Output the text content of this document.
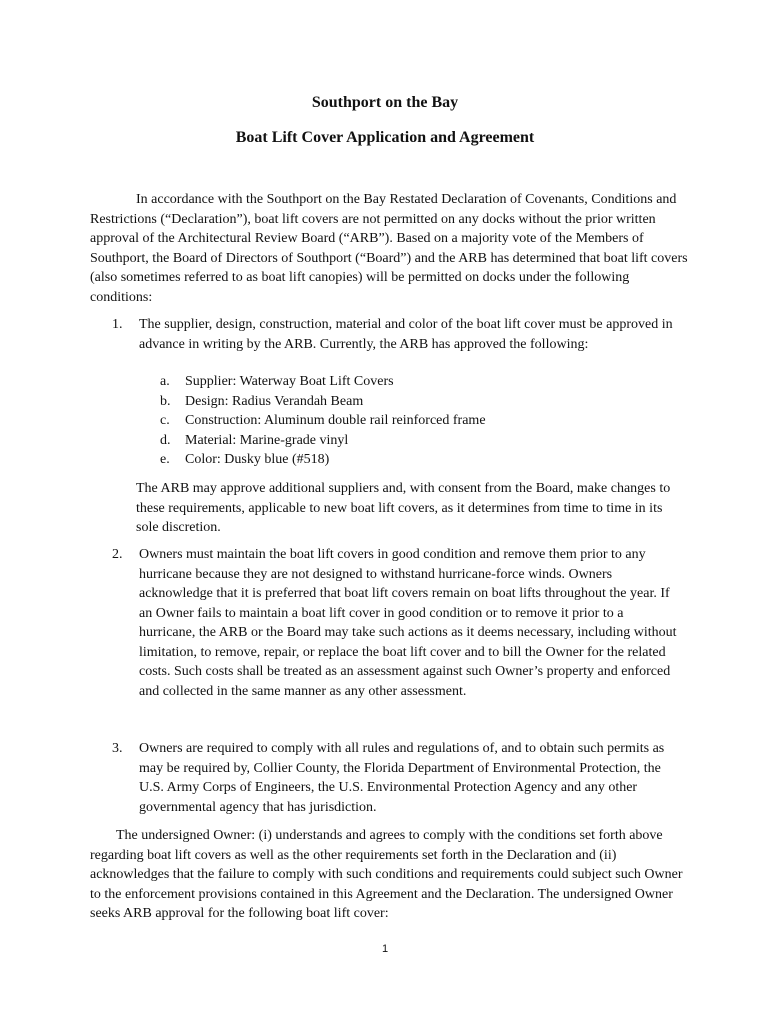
Southport on the Bay
Boat Lift Cover Application and Agreement

In accordance with the Southport on the Bay Restated Declaration of Covenants, Conditions and Restrictions (“Declaration”), boat lift covers are not permitted on any docks without the prior written approval of the Architectural Review Board (“ARB”). Based on a majority vote of the Members of Southport, the Board of Directors of Southport (“Board”) and the ARB has determined that boat lift covers (also sometimes referred to as boat lift canopies) will be permitted on docks under the following conditions:

1. The supplier, design, construction, material and color of the boat lift cover must be approved in advance in writing by the ARB. Currently, the ARB has approved the following:
a. Supplier: Waterway Boat Lift Covers
b. Design: Radius Verandah Beam
c. Construction: Aluminum double rail reinforced frame
d. Material: Marine-grade vinyl
e. Color: Dusky blue (#518)

The ARB may approve additional suppliers and, with consent from the Board, make changes to these requirements, applicable to new boat lift covers, as it determines from time to time in its sole discretion.

2. Owners must maintain the boat lift covers in good condition and remove them prior to any hurricane because they are not designed to withstand hurricane-force winds. Owners acknowledge that it is preferred that boat lift covers remain on boat lifts throughout the year. If an Owner fails to maintain a boat lift cover in good condition or to remove it prior to a hurricane, the ARB or the Board may take such actions as it deems necessary, including without limitation, to remove, repair, or replace the boat lift cover and to bill the Owner for the related costs. Such costs shall be treated as an assessment against such Owner’s property and enforced and collected in the same manner as any other assessment.
3. Owners are required to comply with all rules and regulations of, and to obtain such permits as may be required by, Collier County, the Florida Department of Environmental Protection, the U.S. Army Corps of Engineers, the U.S. Environmental Protection Agency and any other governmental agency that has jurisdiction.

The undersigned Owner: (i) understands and agrees to comply with the conditions set forth above regarding boat lift covers as well as the other requirements set forth in the Declaration and (ii) acknowledges that the failure to comply with such conditions and requirements could subject such Owner to the enforcement provisions contained in this Agreement and the Declaration. The undersigned Owner seeks ARB approval for the following boat lift cover:

1
